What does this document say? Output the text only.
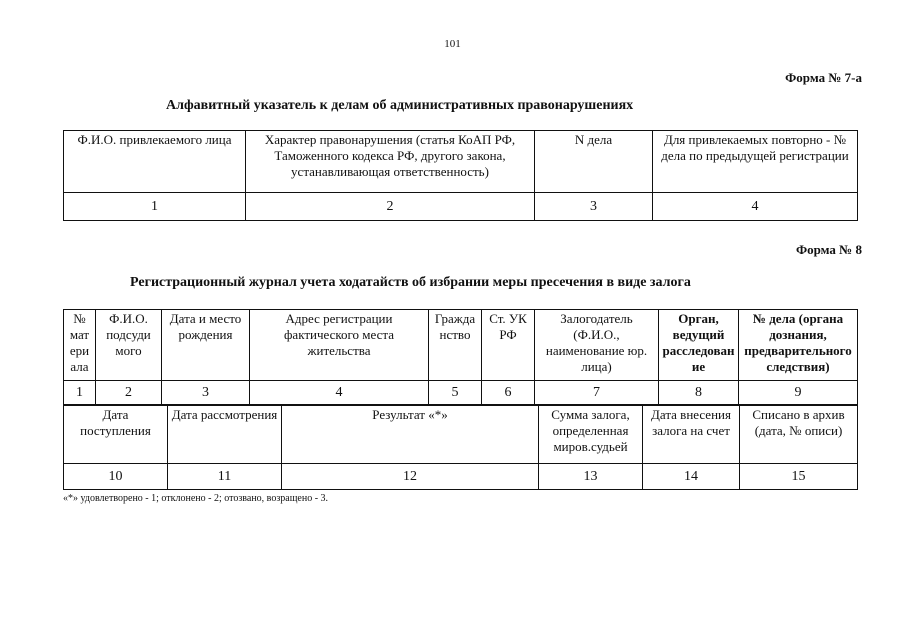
101
Форма № 7-а
Алфавитный указатель к делам об административных правонарушениях
Ф.И.О. привлекаемого лица	Характер правонарушения (статья КоАП РФ, Таможенного кодекса РФ, другого закона, устанавливающая ответственность)	N дела	Для привлекаемых повторно - № дела по предыдущей регистрации
1	2	3	4
Форма № 8
Регистрационный журнал учета ходатайств об избрании меры пресечения в виде залога
№ мат ери ала	Ф.И.О. подсуди мого	Дата и место рождения	Адрес регистрации фактического места жительства	Гражда нство	Ст. УК РФ	Залогодатель (Ф.И.О., наименование юр. лица)	Орган, ведущий расследован ие	№ дела (органа дознания, предварительного следствия)
1	2	3	4	5	6	7	8	9
Дата поступления	Дата рассмотрения	Результат «*»	Сумма залога, определенная миров.судьей	Дата внесения залога на счет	Списано в архив (дата, № описи)
10	11	12	13	14	15
«*» удовлетворено - 1; отклонено - 2; отозвано, возращено - 3.
